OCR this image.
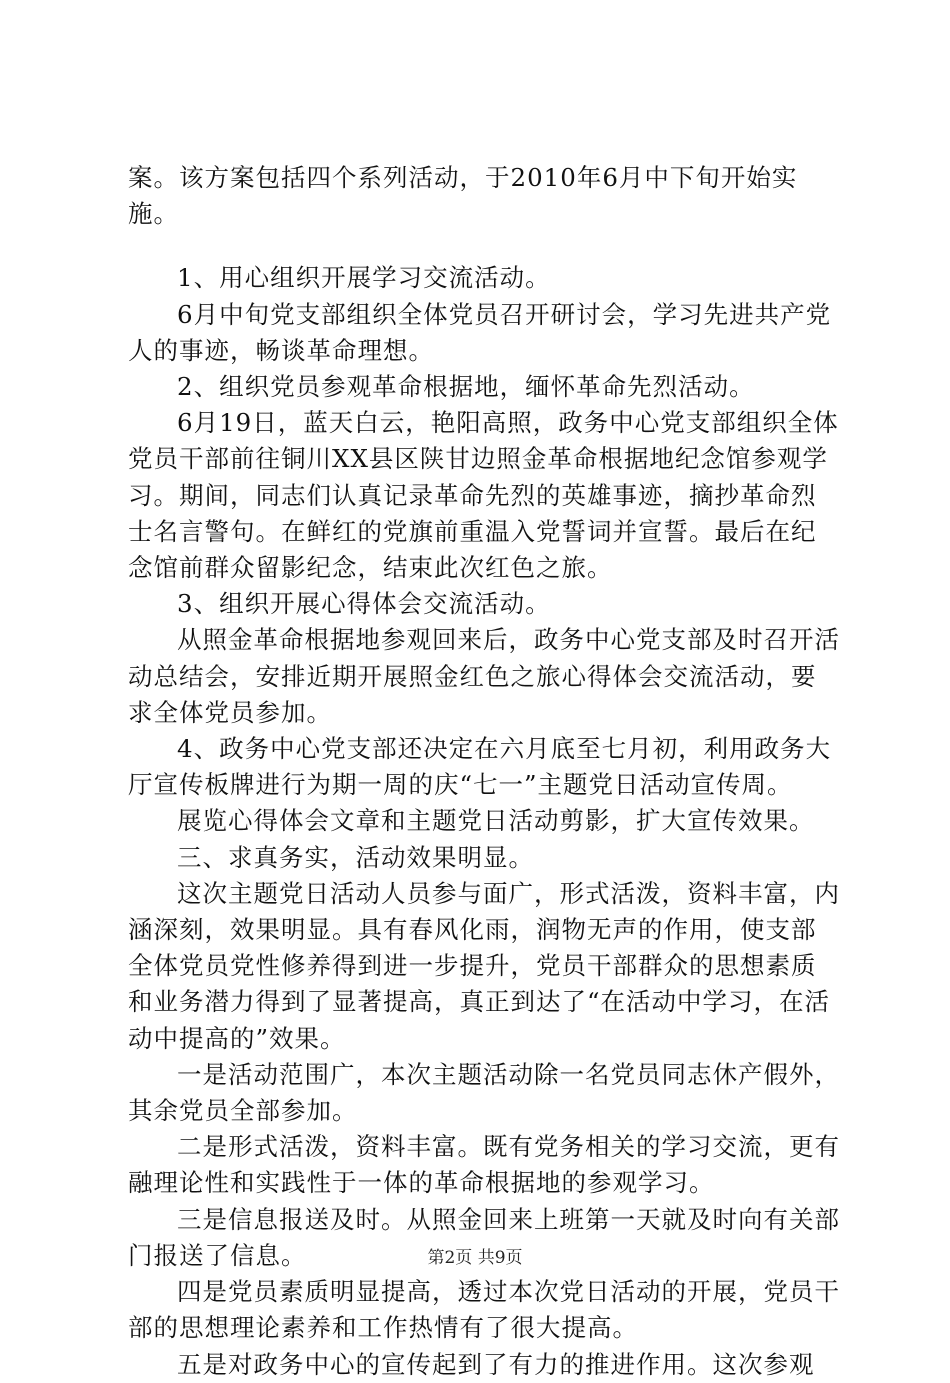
案。该方案包括四个系列活动，于2010年6月中下旬开始实施。

1、用心组织开展学习交流活动。

6月中旬党支部组织全体党员召开研讨会，学习先进共产党人的事迹，畅谈革命理想。

2、组织党员参观革命根据地，缅怀革命先烈活动。

6月19日，蓝天白云，艳阳高照，政务中心党支部组织全体党员干部前往铜川XX县区陕甘边照金革命根据地纪念馆参观学习。期间，同志们认真记录革命先烈的英雄事迹，摘抄革命烈士名言警句。在鲜红的党旗前重温入党誓词并宣誓。最后在纪念馆前群众留影纪念，结束此次红色之旅。

3、组织开展心得体会交流活动。

从照金革命根据地参观回来后，政务中心党支部及时召开活动总结会，安排近期开展照金红色之旅心得体会交流活动，要求全体党员参加。

4、政务中心党支部还决定在六月底至七月初，利用政务大厅宣传板牌进行为期一周的庆“七一”主题党日活动宣传周。

展览心得体会文章和主题党日活动剪影，扩大宣传效果。

三、求真务实，活动效果明显。

这次主题党日活动人员参与面广，形式活泼，资料丰富，内涵深刻，效果明显。具有春风化雨，润物无声的作用，使支部全体党员党性修养得到进一步提升，党员干部群众的思想素质和业务潜力得到了显著提高，真正到达了“在活动中学习，在活动中提高的”效果。

一是活动范围广，本次主题活动除一名党员同志休产假外，其余党员全部参加。

二是形式活泼，资料丰富。既有党务相关的学习交流，更有融理论性和实践性于一体的革命根据地的参观学习。

三是信息报送及时。从照金回来上班第一天就及时向有关部门报送了信息。

四是党员素质明显提高，透过本次党日活动的开展，党员干部的思想理论素养和工作热情有了很大提高。

五是对政务中心的宣传起到了有力的推进作用。这次参观

第2页 共9页
